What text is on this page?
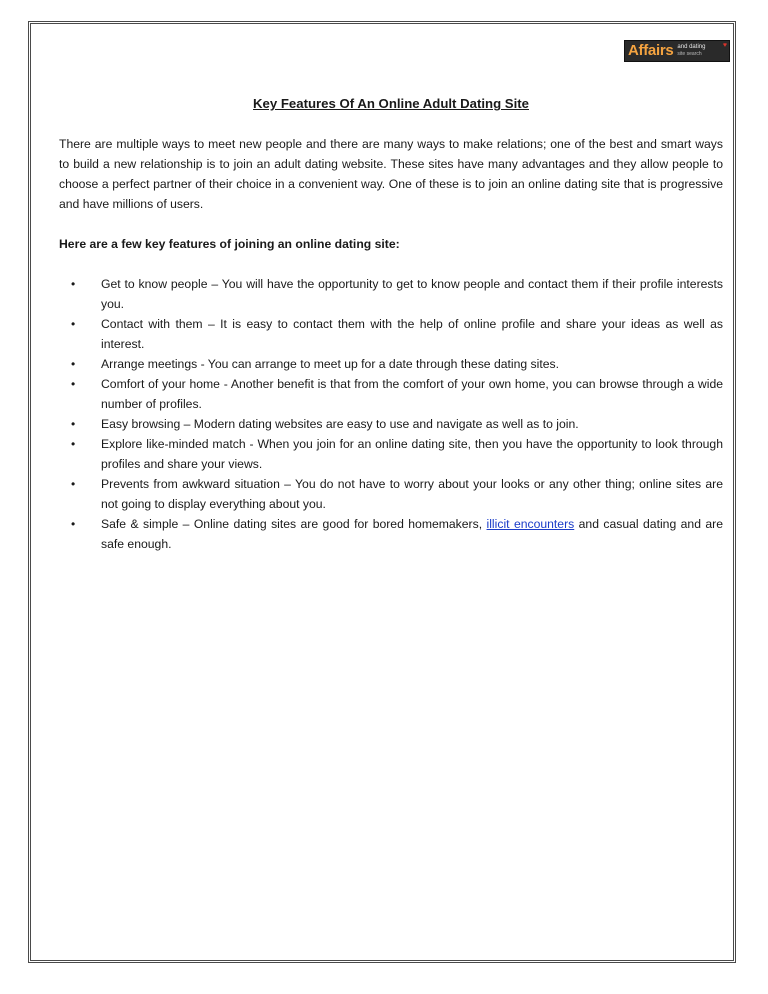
Affairs and dating
site search
♥
Key Features Of An Online Adult Dating Site

There are multiple ways to meet new people and there are many ways to make relations; one of the best and smart ways to build a new relationship is to join an adult dating website. These sites have many advantages and they allow people to choose a perfect partner of their choice in a convenient way. One of these is to join an online dating site that is progressive and have millions of users.

Here are a few key features of joining an online dating site:

• Get to know people – You will have the opportunity to get to know people and contact them if their profile interests you.
• Contact with them – It is easy to contact them with the help of online profile and share your ideas as well as interest.
• Arrange meetings - You can arrange to meet up for a date through these dating sites.
• Comfort of your home - Another benefit is that from the comfort of your own home, you can browse through a wide number of profiles.
• Easy browsing – Modern dating websites are easy to use and navigate as well as to join.
• Explore like-minded match - When you join for an online dating site, then you have the opportunity to look through profiles and share your views.
• Prevents from awkward situation – You do not have to worry about your looks or any other thing; online sites are not going to display everything about you.
• Safe & simple – Online dating sites are good for bored homemakers, illicit encounters and casual dating and are safe enough.
